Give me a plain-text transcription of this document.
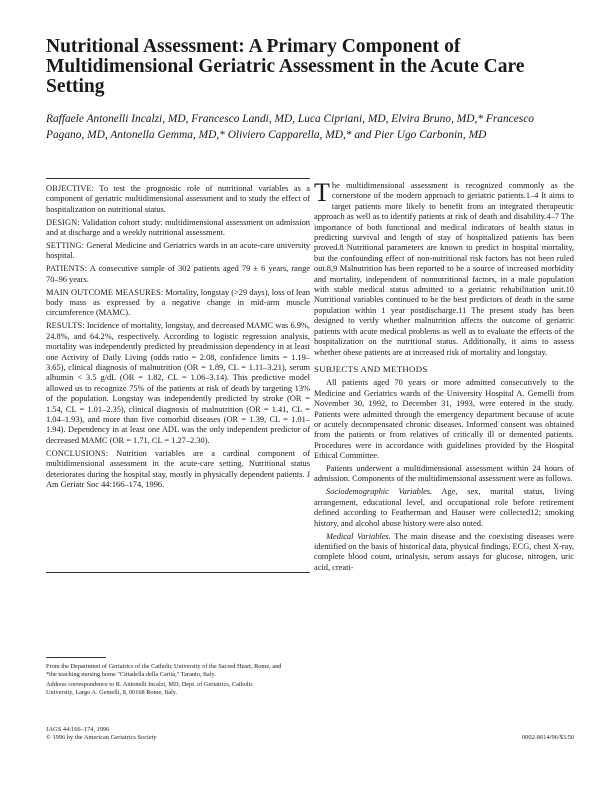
Nutritional Assessment: A Primary Component of Multidimensional Geriatric Assessment in the Acute Care Setting

Raffaele Antonelli Incalzi, MD, Francesco Landi, MD, Luca Cipriani, MD, Elvira Bruno, MD,* Francesco Pagano, MD, Antonella Gemma, MD,* Oliviero Capparella, MD,* and Pier Ugo Carbonin, MD

OBJECTIVE: To test the prognostic role of nutritional variables as a component of geriatric multidimensional assessment and to study the effect of hospitalization on nutritional status.

DESIGN: Validation cohort study: multidimensional assessment on admission and at discharge and a weekly nutritional assessment.

SETTING: General Medicine and Geriatrics wards in an acute-care university hospital.

PATIENTS: A consecutive sample of 302 patients aged 79 ± 6 years, range 70–96 years.

MAIN OUTCOME MEASURES: Mortality, longstay (>29 days), loss of lean body mass as expressed by a negative change in mid-arm muscle circumference (MAMC).

RESULTS: Incidence of mortality, longstay, and decreased MAMC was 6.9%, 24.8%, and 64.2%, respectively. According to logistic regression analysis, mortality was independently predicted by preadmission dependency in at least one Activity of Daily Living (odds ratio = 2.08, confidence limits = 1.19–3.65), clinical diagnosis of malnutrition (OR = 1.89, CL = 1.11–3.21), serum albumin < 3.5 g/dL (OR = 1.82, CL = 1.06–3.14). This predictive model allowed us to recognize 75% of the patients at risk of death by targeting 13% of the population. Longstay was independently predicted by stroke (OR = 1.54, CL = 1.01–2.35), clinical diagnosis of malnutrition (OR = 1.41, CL = 1.04–1.93), and more than five comorbid diseases (OR = 1.39, CL = 1.01–1.94). Dependency in at least one ADL was the only independent predictor of decreased MAMC (OR = 1.71, CL = 1.27–2.30).

CONCLUSIONS: Nutrition variables are a cardinal component of multidimensional assessment in the acute-care setting. Nutritional status deteriorates during the hospital stay, mostly in physically dependent patients. J Am Geriatr Soc 44:166–174, 1996.

The multidimensional assessment is recognized commonly as the cornerstone of the modern approach to geriatric patients.1–4 It aims to target patients more likely to benefit from an integrated therapeutic approach as well as to identify patients at risk of death and disability.4–7 The importance of both functional and medical indicators of health status in predicting survival and length of stay of hospitalized patients has been proved.8 Nutritional parameters are known to predict in hospital mortality, but the confounding effect of non-nutritional risk factors has not been ruled out.8,9 Malnutrition has been reported to be a source of increased morbidity and mortality, independent of nonnutritional factors, in a male population with stable medical status admitted to a geriatric rehabilitation unit.10 Nutritional variables continued to be the best predictors of death in the same population within 1 year postdischarge.11 The present study has been designed to verify whether malnutrition affects the outcome of geriatric patients with acute medical problems as well as to evaluate the effects of the hospitalization on the nutritional status. Additionally, it aims to assess whether obese patients are at increased risk of mortality and longstay.

SUBJECTS AND METHODS

All patients aged 70 years or more admitted consecutively to the Medicine and Geriatrics wards of the University Hospital A. Gemelli from November 30, 1992, to December 31, 1993, were entered in the study. Patients were admitted through the emergency department because of acute or acutely decompensated chronic diseases. Informed consent was obtained from the patients or from relatives of critically ill or demented patients. Procedures were in accordance with guidelines provided by the Hospital Ethical Committee.

Patients underwent a multidimensional assessment within 24 hours of admission. Components of the multidimensional assessment were as follows.

Sociodemographic Variables. Age, sex, marital status, living arrangement, educational level, and occupational role before retirement defined according to Featherman and Hauser were collected12; smoking history, and alcohol abuse history were also noted.

Medical Variables. The main disease and the coexisting diseases were identified on the basis of historical data, physical findings, ECG, chest X-ray, complete blood count, urinalysis, serum assays for glucose, nitrogen, uric acid, creati-

From the Department of Geriatrics of the Catholic University of the Sacred Heart, Rome, and *the teaching nursing home "Cittadella della Carità," Taranto, Italy.

Address correspondence to R. Antonelli Incalzi, MD, Dept. of Geriatrics, Catholic University, Largo A. Gemelli, 8, 00168 Rome, Italy.

JAGS 44:166–174, 1996
© 1996 by the American Geriatrics Society	0002-8614/96/$3.50
